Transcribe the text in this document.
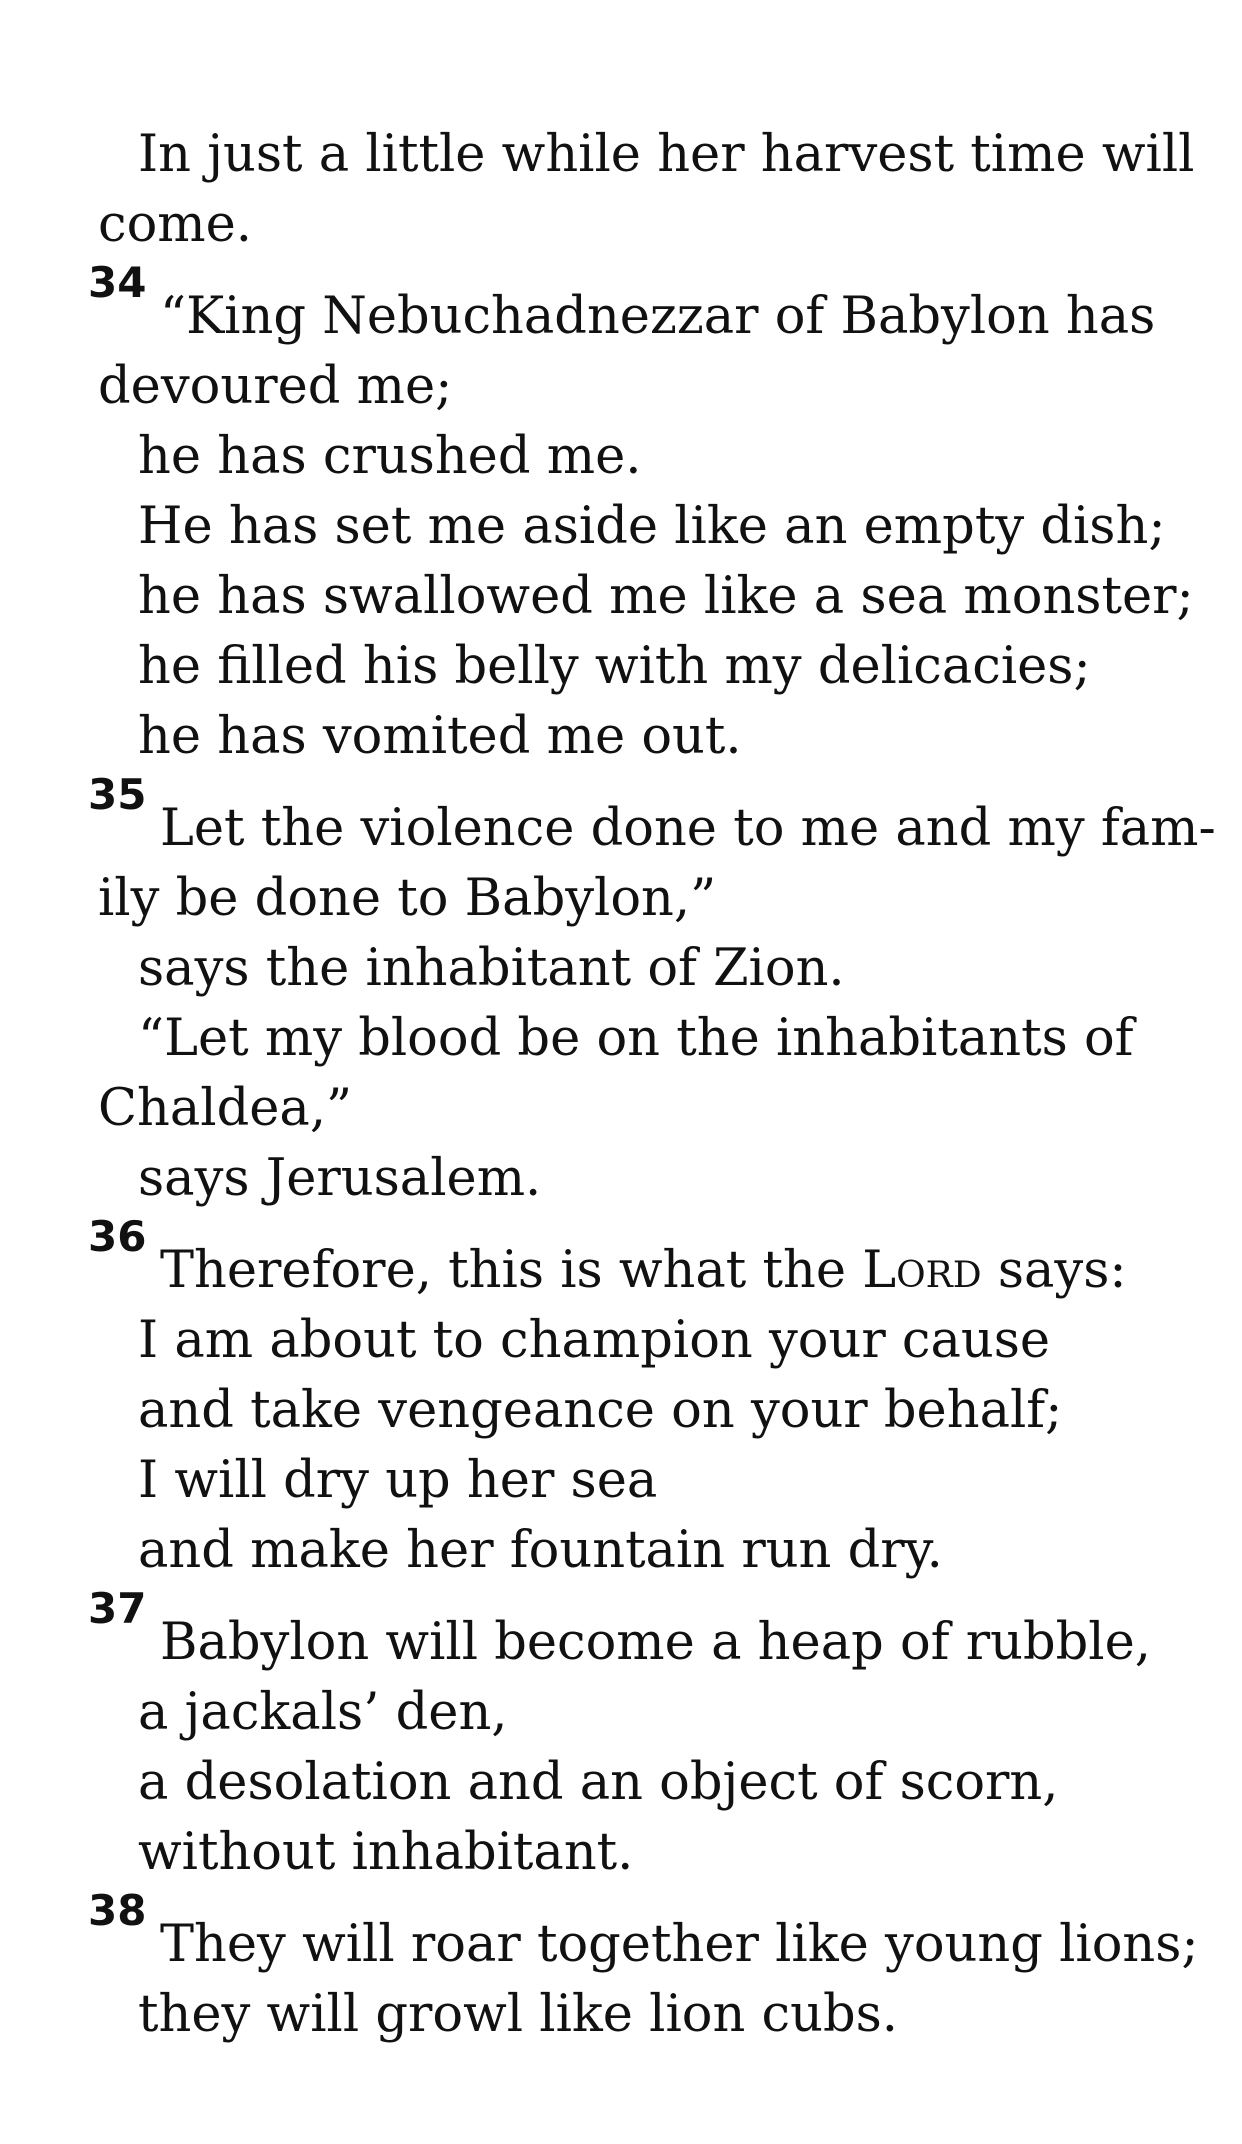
In just a little while her harvest time will
come.
34
“King Nebuchadnezzar of Babylon has
devoured me;
he has crushed me.
He has set me aside like an empty dish;
he has swallowed me like a sea monster;
he filled his belly with my delicacies;
he has vomited me out.
35
Let the violence done to me and my fam-
ily be done to Babylon,”
says the inhabitant of Zion.
“Let my blood be on the inhabitants of
Chaldea,”
says Jerusalem.
36
Therefore, this is what the Lord says:
I am about to champion your cause
and take vengeance on your behalf;
I will dry up her sea
and make her fountain run dry.
37
Babylon will become a heap of rubble,
a jackals’ den,
a desolation and an object of scorn,
without inhabitant.
38
They will roar together like young lions;
they will growl like lion cubs.
